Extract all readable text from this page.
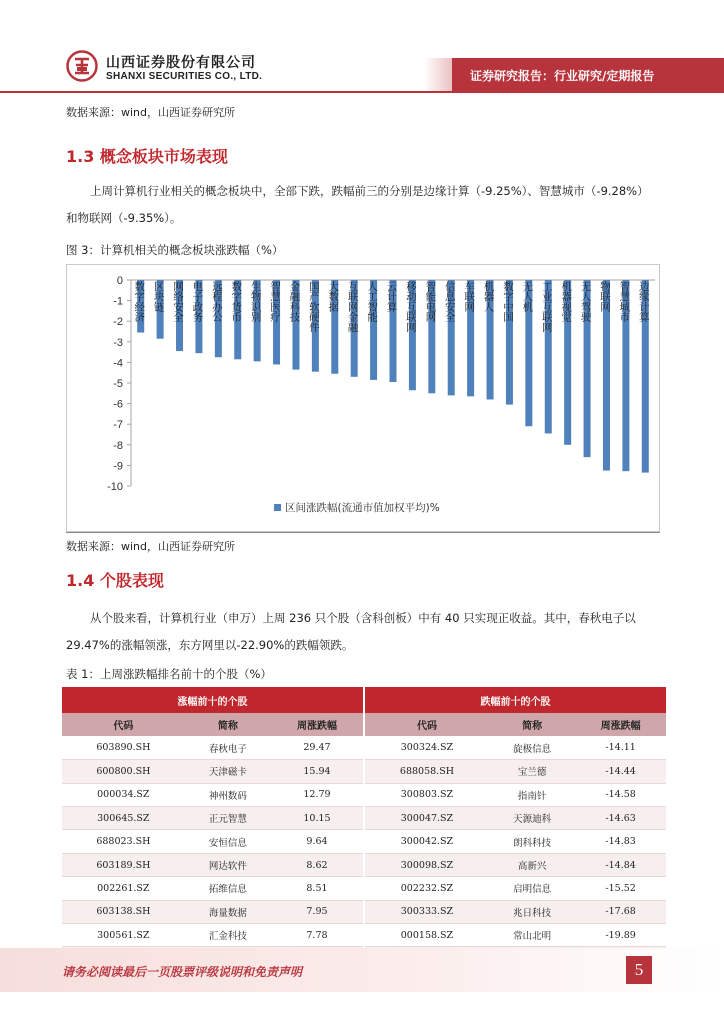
山西证券股份有限公司
SHANXI SECURITIES CO., LTD.	证券研究报告：行业研究/定期报告
数据来源：wind，山西证券研究所
1.3 概念板块市场表现
上周计算机行业相关的概念板块中，全部下跌，跌幅前三的分别是边缘计算（-9.25%）、智慧城市（-9.28%）和物联网（-9.35%）。
图 3：计算机相关的概念板块涨跌幅（%）
0
-1
-2
-3
-4
-5
-6
-7
-8
-9
-10
数字经济
区块链
网络安全
电子政务
远程办公
数字货币
生物识别
智慧医疗
金融科技
国产软硬件
大数据
互联网金融
人工智能
云计算
移动互联网
智能电网
信息安全
车联网
机器人
数字中国
无人机
工业互联网
机器视觉
无人驾驶
物联网
智慧城市
边缘计算
区间涨跌幅(流通市值加权平均)%
数据来源：wind，山西证券研究所
1.4 个股表现
从个股来看，计算机行业（申万）上周 236 只个股（含科创板）中有 40 只实现正收益。其中，春秋电子以 29.47%的涨幅领涨，东方网里以-22.90%的跌幅领跌。
表 1：上周涨跌幅排名前十的个股（%）
涨幅前十的个股			跌幅前十的个股		
代码	简称	周涨跌幅	代码	简称	周涨跌幅
603890.SH	春秋电子	29.47	300324.SZ	旋极信息	-14.11
600800.SH	天津磁卡	15.94	688058.SH	宝兰德	-14.44
000034.SZ	神州数码	12.79	300803.SZ	指南针	-14.58
300645.SZ	正元智慧	10.15	300047.SZ	天源迪科	-14.63
688023.SH	安恒信息	9.64	300042.SZ	朗科科技	-14.83
603189.SH	网达软件	8.62	300098.SZ	高新兴	-14.84
002261.SZ	拓维信息	8.51	002232.SZ	启明信息	-15.52
603138.SH	海量数据	7.95	300333.SZ	兆日科技	-17.68
300561.SZ	汇金科技	7.78	000158.SZ	常山北明	-19.89

请务必阅读最后一页股票评级说明和免责声明	5
